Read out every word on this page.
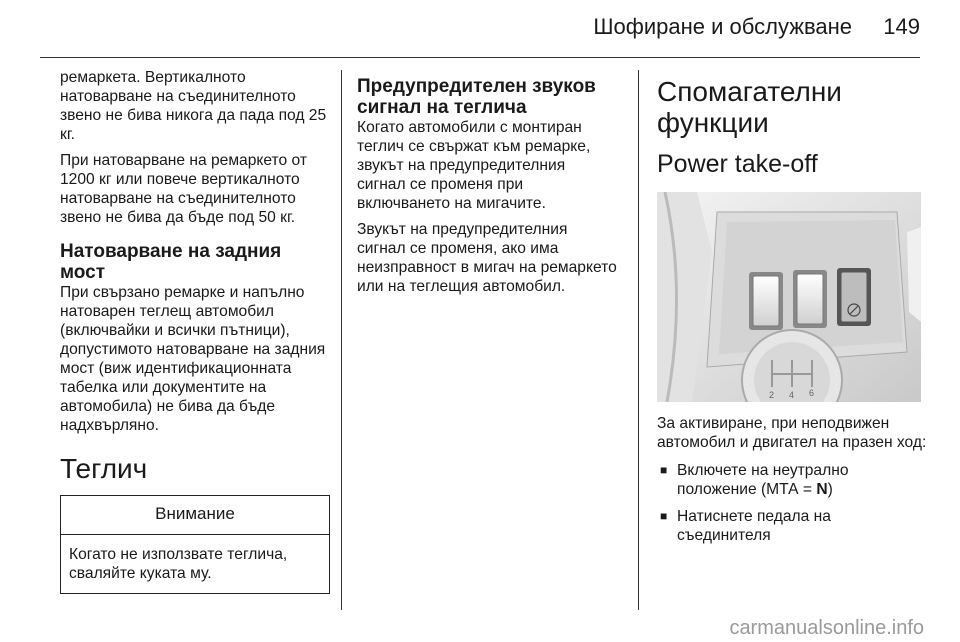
Шофиране и обслужване 149

ремаркета. Вертикалното натоварване на съединителното звено не бива никога да пада под 25 кг.

При натоварване на ремаркето от 1200 кг или повече вертикалното натоварване на съединителното звено не бива да бъде под 50 кг.

Натоварване на задния мост

При свързано ремарке и напълно натоварен теглещ автомобил (включвайки и всички пътници), допустимото натоварване на задния мост (виж идентификационната табелка или документите на автомобила) не бива да бъде надхвърляно.

Теглич
Внимание
Когато не използвате теглича, сваляйте куката му.
Предупредителен звуков сигнал на теглича

Когато автомобили с монтиран теглич се свържат към ремарке, звукът на предупредителния сигнал се променя при включването на мигачите.

Звукът на предупредителния сигнал се променя, ако има неизправност в мигач на ремаркето или на теглещия автомобил.

Спомагателни функции
Power take-off
2 4 6

За активиране, при неподвижен автомобил и двигател на празен ход:

■ Включете на неутрално положение (МТА = N)
■ Натиснете педала на съединителя
carmanualsonline.info
